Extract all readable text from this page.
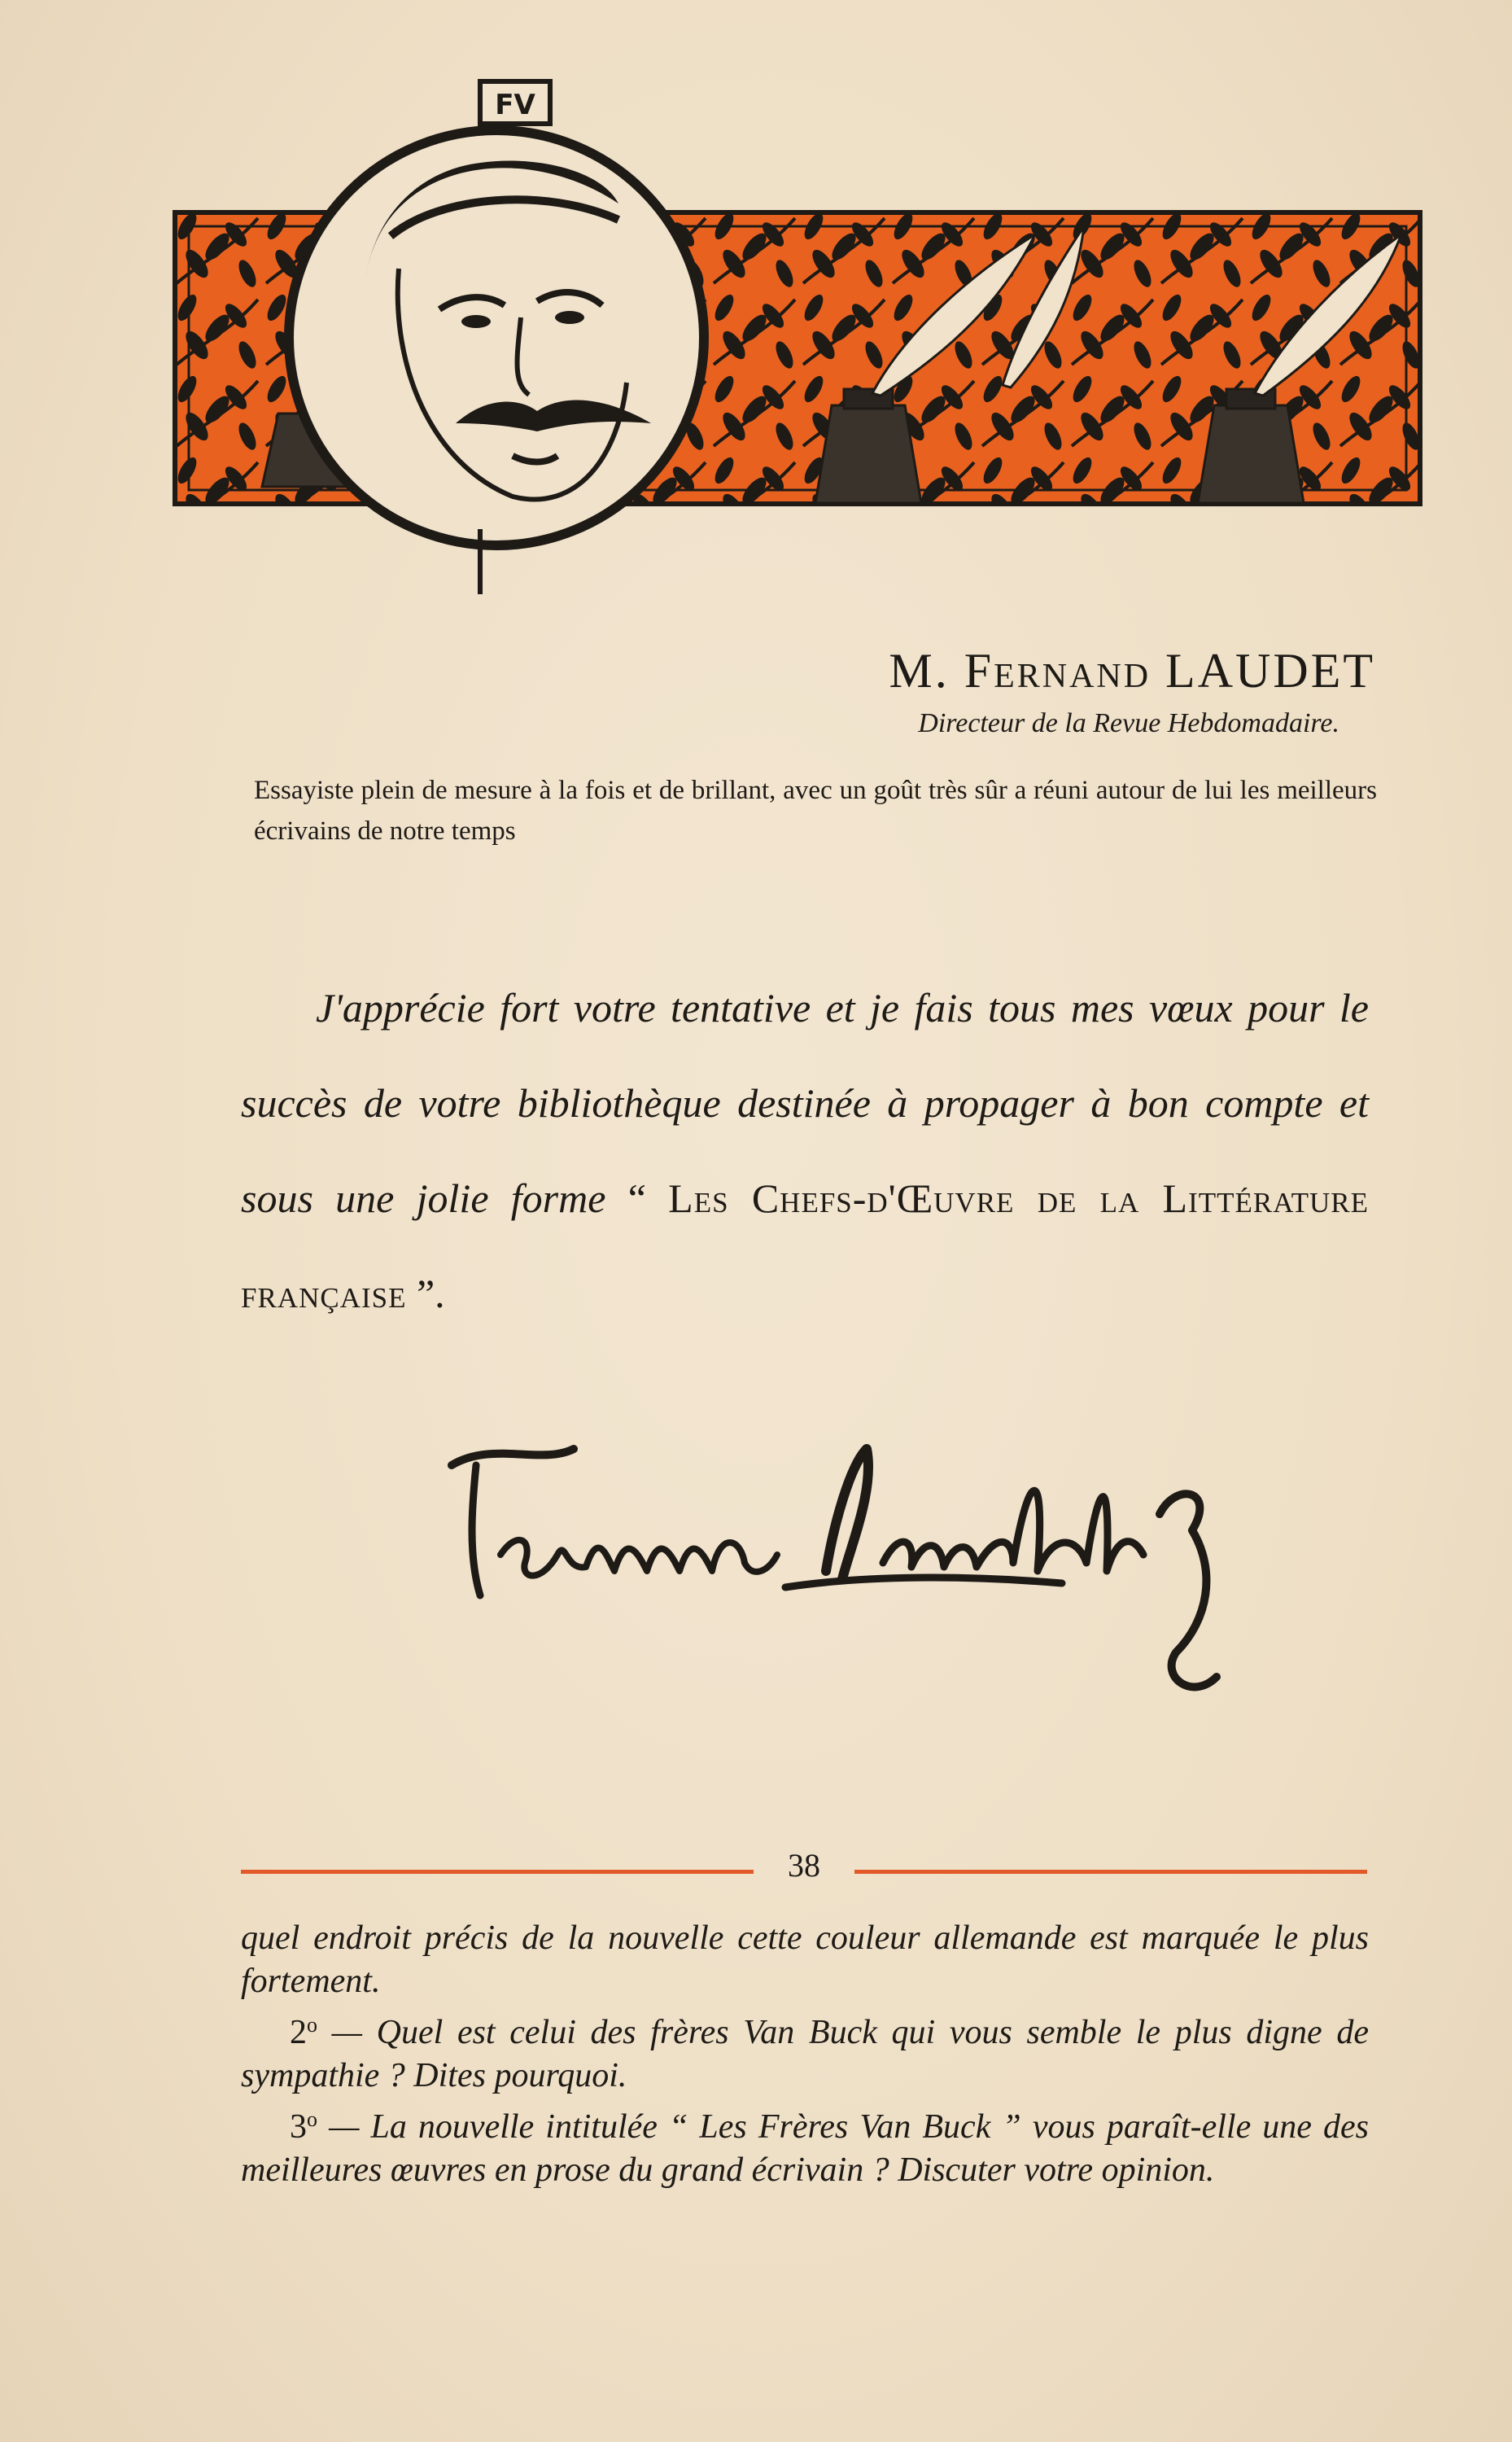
FV
M. Fernand LAUDET
Directeur de la Revue Hebdomadaire.
Essayiste plein de mesure à la fois et de brillant, avec un goût très sûr a réuni autour de lui les meilleurs écrivains de notre temps
J'apprécie fort votre tentative et je fais tous mes vœux pour le succès de votre bibliothèque destinée à propager à bon compte et sous une jolie forme “ Les Chefs-d'Œuvre de la Littérature française ”.
38

quel endroit précis de la nouvelle cette couleur allemande est marquée le plus fortement.

2$^o$ — Quel est celui des frères Van Buck qui vous semble le plus digne de sympathie ? Dites pourquoi.

3$^o$ — La nouvelle intitulée “ Les Frères Van Buck ” vous paraît-elle une des meilleures œuvres en prose du grand écrivain ? Discuter votre opinion.
